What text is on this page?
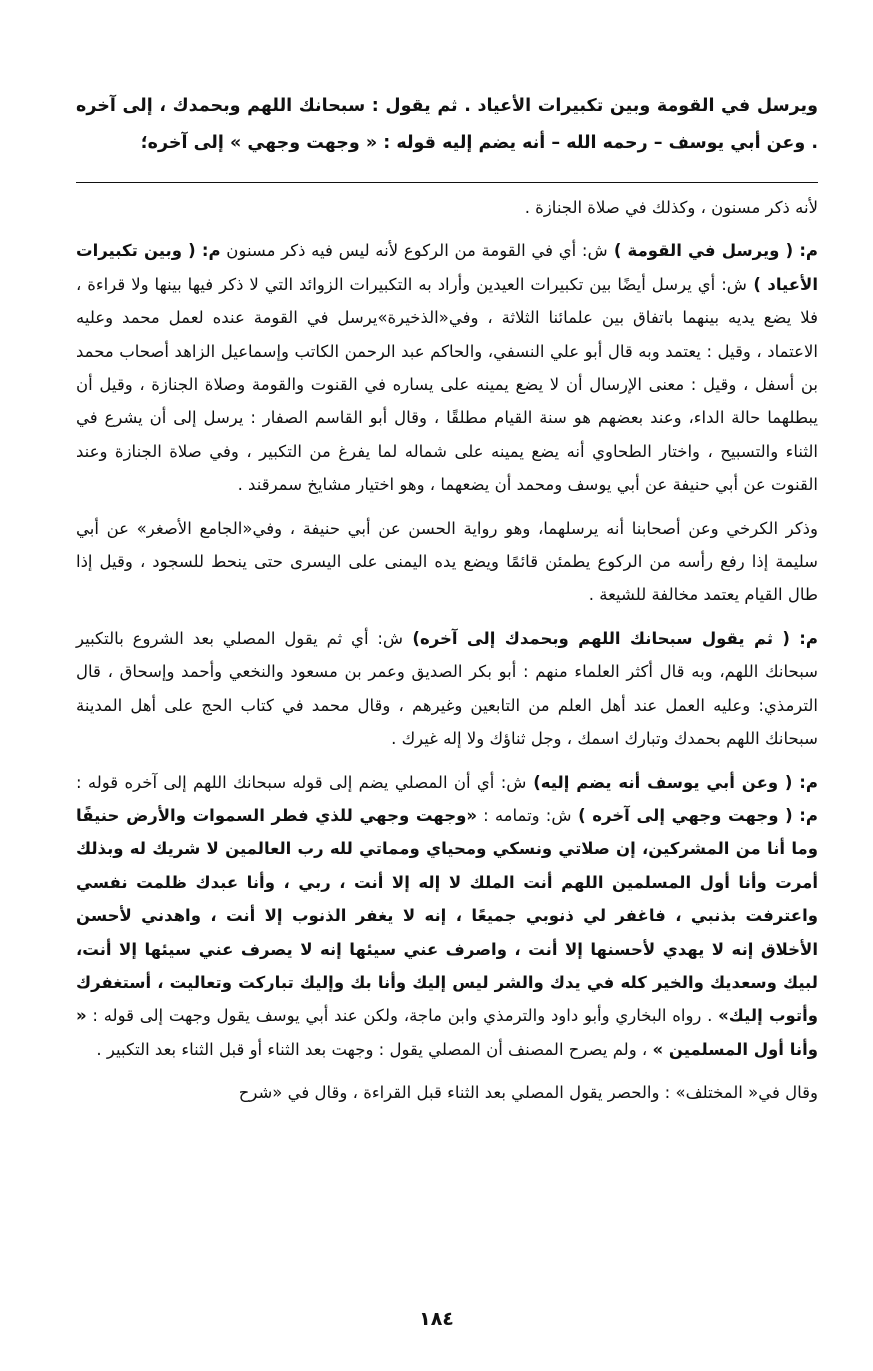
ويرسل في القومة وبين تكبيرات الأعياد . ثم يقول : سبحانك اللهم وبحمدك ، إلى آخره . وعن أبي يوسف – رحمه الله – أنه يضم إليه قوله : « وجهت وجهي » إلى آخره؛

لأنه ذكر مسنون ، وكذلك في صلاة الجنازة .

م: ( ويرسل في القومة ) ش: أي في القومة من الركوع لأنه ليس فيه ذكر مسنون م: ( وبين تكبيرات الأعياد ) ش: أي يرسل أيضًا بين تكبيرات العيدين وأراد به التكبيرات الزوائد التي لا ذكر فيها بينها ولا قراءة ، فلا يضع يديه بينهما باتفاق بين علمائنا الثلاثة ، وفي«الذخيرة»يرسل في القومة عنده لعمل محمد وعليه الاعتماد ، وقيل : يعتمد وبه قال أبو علي النسفي، والحاكم عبد الرحمن الكاتب وإسماعيل الزاهد أصحاب محمد بن أسفل ، وقيل : معنى الإرسال أن لا يضع يمينه على يساره في القنوت والقومة وصلاة الجنازة ، وقيل أن يبطلهما حالة الداء، وعند بعضهم هو سنة القيام مطلقًا ، وقال أبو القاسم الصفار : يرسل إلى أن يشرع في الثناء والتسبيح ، واختار الطحاوي أنه يضع يمينه على شماله لما يفرغ من التكبير ، وفي صلاة الجنازة وعند القنوت عن أبي حنيفة عن أبي يوسف ومحمد أن يضعهما ، وهو اختيار مشايخ سمرقند .

وذكر الكرخي وعن أصحابنا أنه يرسلهما، وهو رواية الحسن عن أبي حنيفة ، وفي«الجامع الأصغر» عن أبي سليمة إذا رفع رأسه من الركوع يطمئن قائمًا ويضع يده اليمنى على اليسرى حتى ينحط للسجود ، وقيل إذا طال القيام يعتمد مخالفة للشيعة .

م: ( ثم يقول سبحانك اللهم وبحمدك إلى آخره) ش: أي ثم يقول المصلي بعد الشروع بالتكبير سبحانك اللهم، وبه قال أكثر العلماء منهم : أبو بكر الصديق وعمر بن مسعود والنخعي وأحمد وإسحاق ، قال الترمذي: وعليه العمل عند أهل العلم من التابعين وغيرهم ، وقال محمد في كتاب الحج على أهل المدينة سبحانك اللهم بحمدك وتبارك اسمك ، وجل ثناؤك ولا إله غيرك .

م: ( وعن أبي يوسف أنه يضم إليه) ش: أي أن المصلي يضم إلى قوله سبحانك اللهم إلى آخره قوله : م: ( وجهت وجهي إلى آخره ) ش: وتمامه : «وجهت وجهي للذي فطر السموات والأرض حنيفًا وما أنا من المشركين، إن صلاتي ونسكي ومحياي ومماتي لله رب العالمين لا شريك له وبذلك أمرت وأنا أول المسلمين اللهم أنت الملك لا إله إلا أنت ، ربي ، وأنا عبدك ظلمت نفسي واعترفت بذنبي ، فاغفر لي ذنوبي جميعًا ، إنه لا يغفر الذنوب إلا أنت ، واهدني لأحسن الأخلاق إنه لا يهدي لأحسنها إلا أنت ، واصرف عني سيئها إنه لا يصرف عني سيئها إلا أنت، لبيك وسعديك والخير كله في يدك والشر ليس إليك وأنا بك وإليك تباركت وتعاليت ، أستغفرك وأتوب إليك» . رواه البخاري وأبو داود والترمذي وابن ماجة، ولكن عند أبي يوسف يقول وجهت إلى قوله : « وأنا أول المسلمين » ، ولم يصرح المصنف أن المصلي يقول : وجهت بعد الثناء أو قبل الثناء بعد التكبير .

وقال في« المختلف» : والحصر يقول المصلي بعد الثناء قبل القراءة ، وقال في «شرح

١٨٤
